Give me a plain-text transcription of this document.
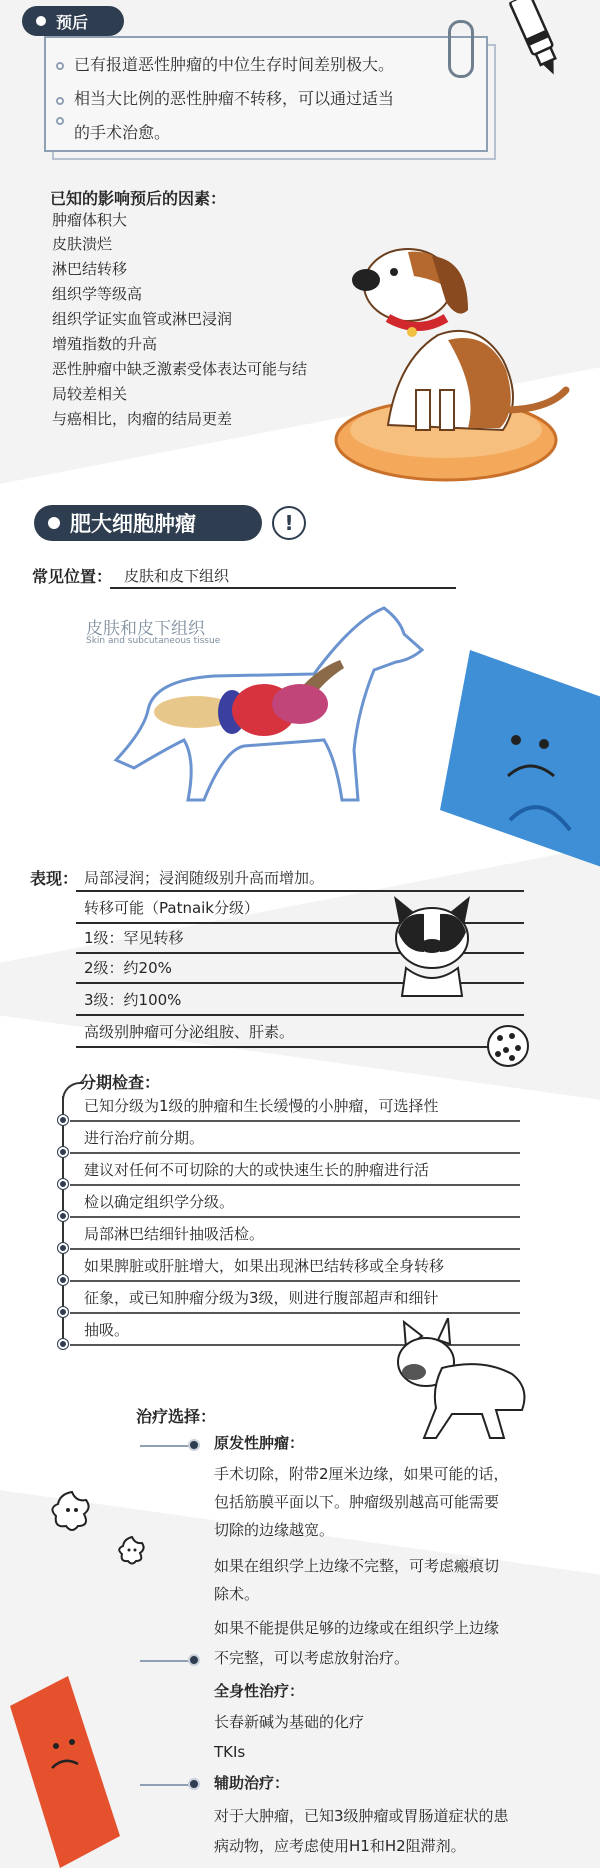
预后
已有报道恶性肿瘤的中位生存时间差别极大。
相当大比例的恶性肿瘤不转移，可以通过适当
的手术治愈。
已知的影响预后的因素：
肿瘤体积大
皮肤溃烂
淋巴结转移
组织学等级高
组织学证实血管或淋巴浸润
增殖指数的升高
恶性肿瘤中缺乏激素受体表达可能与结
局较差相关
与癌相比，肉瘤的结局更差
肥大细胞肿瘤	!
常见位置： 皮肤和皮下组织
皮肤和皮下组织
Skin and subcutaneous tissue
表现： 局部浸润；浸润随级别升高而增加。
转移可能（Patnaik分级）
1级：罕见转移
2级：约20%
3级：约100%
高级别肿瘤可分泌组胺、肝素。
分期检查：
已知分级为1级的肿瘤和生长缓慢的小肿瘤，可选择性
进行治疗前分期。
建议对任何不可切除的大的或快速生长的肿瘤进行活
检以确定组织学分级。
局部淋巴结细针抽吸活检。
如果脾脏或肝脏增大，如果出现淋巴结转移或全身转移
征象，或已知肿瘤分级为3级，则进行腹部超声和细针
抽吸。
治疗选择：
原发性肿瘤：
手术切除，附带2厘米边缘，如果可能的话，
包括筋膜平面以下。肿瘤级别越高可能需要
切除的边缘越宽。
如果在组织学上边缘不完整，可考虑瘢痕切
除术。
如果不能提供足够的边缘或在组织学上边缘
不完整，可以考虑放射治疗。
全身性治疗：
长春新碱为基础的化疗
TKIs
辅助治疗：
对于大肿瘤，已知3级肿瘤或胃肠道症状的患
病动物，应考虑使用H1和H2阻滞剂。
